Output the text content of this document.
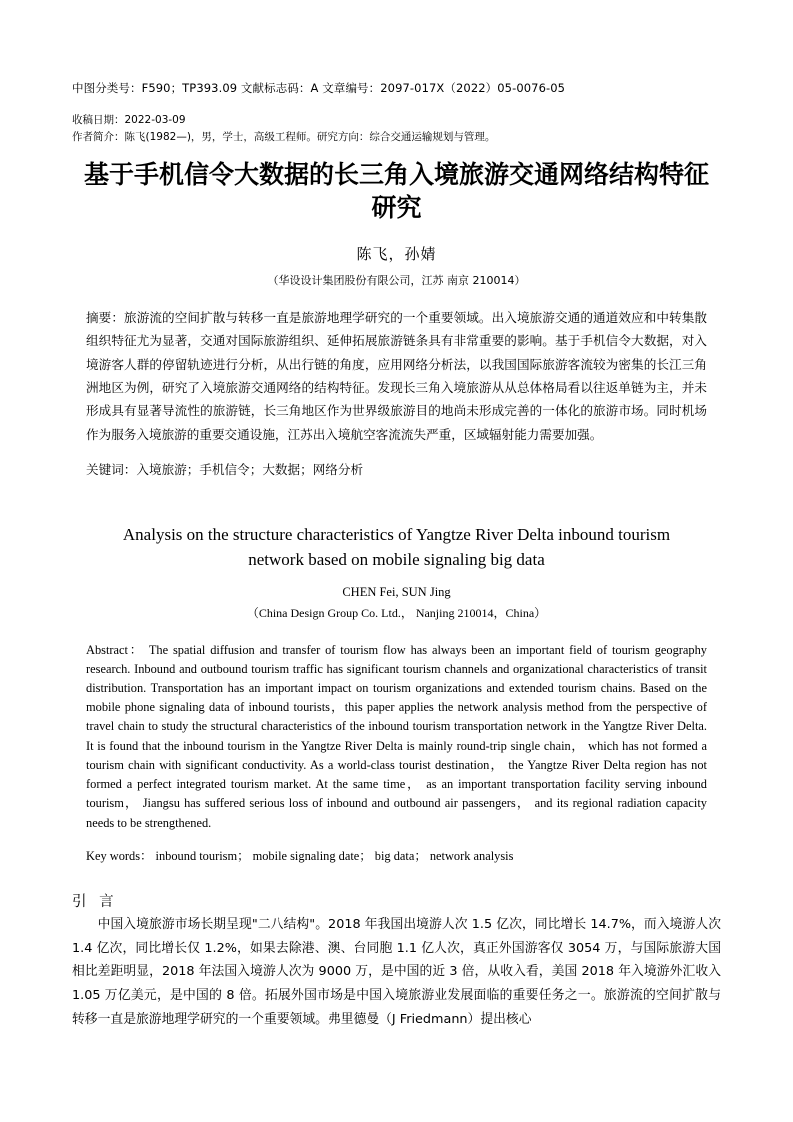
中图分类号：F590；TP393.09 文献标志码：A 文章编号：2097-017X（2022）05-0076-05
收稿日期：2022-03-09
作者简介：陈飞(1982—)，男，学士，高级工程师。研究方向：综合交通运输规划与管理。
基于手机信令大数据的长三角入境旅游交通网络结构特征研究
陈飞，孙婧
（华设设计集团股份有限公司，江苏 南京 210014）
摘要：旅游流的空间扩散与转移一直是旅游地理学研究的一个重要领域。出入境旅游交通的通道效应和中转集散组织特征尤为显著，交通对国际旅游组织、延伸拓展旅游链条具有非常重要的影响。基于手机信令大数据，对入境游客人群的停留轨迹进行分析，从出行链的角度，应用网络分析法，以我国国际旅游客流较为密集的长江三角洲地区为例，研究了入境旅游交通网络的结构特征。发现长三角入境旅游从从总体格局看以往返单链为主，并未形成具有显著导流性的旅游链，长三角地区作为世界级旅游目的地尚未形成完善的一体化的旅游市场。同时机场作为服务入境旅游的重要交通设施，江苏出入境航空客流流失严重，区域辐射能力需要加强。
关键词：入境旅游；手机信令；大数据；网络分析
Analysis on the structure characteristics of Yangtze River Delta inbound tourism network based on mobile signaling big data
CHEN Fei, SUN Jing
（China Design Group Co. Ltd.， Nanjing 210014，China）
Abstract： The spatial diffusion and transfer of tourism flow has always been an important field of tourism geography research. Inbound and outbound tourism traffic has significant tourism channels and organizational characteristics of transit distribution. Transportation has an important impact on tourism organizations and extended tourism chains. Based on the mobile phone signaling data of inbound tourists，this paper applies the network analysis method from the perspective of travel chain to study the structural characteristics of the inbound tourism transportation network in the Yangtze River Delta. It is found that the inbound tourism in the Yangtze River Delta is mainly round-trip single chain， which has not formed a tourism chain with significant conductivity. As a world-class tourist destination， the Yangtze River Delta region has not formed a perfect integrated tourism market. At the same time， as an important transportation facility serving inbound tourism， Jiangsu has suffered serious loss of inbound and outbound air passengers， and its regional radiation capacity needs to be strengthened.
Key words： inbound tourism； mobile signaling date； big data； network analysis
引 言
中国入境旅游市场长期呈现"二八结构"。2018 年我国出境游人次 1.5 亿次，同比增长 14.7%，而入境游人次 1.4 亿次，同比增长仅 1.2%，如果去除港、澳、台同胞 1.1 亿人次，真正外国游客仅 3054 万，与国际旅游大国相比差距明显，2018 年法国入境游人次为 9000 万，是中国的近 3 倍，从收入看，美国 2018 年入境游外汇收入 1.05 万亿美元，是中国的 8 倍。拓展外国市场是中国入境旅游业发展面临的重要任务之一。旅游流的空间扩散与转移一直是旅游地理学研究的一个重要领域。弗里德曼（J Friedmann）提出核心
